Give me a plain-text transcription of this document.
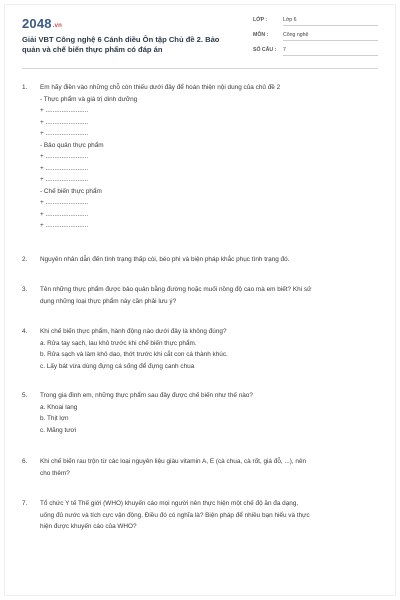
2048.vn
Giải VBT Công nghệ 6 Cánh diều Ôn tập Chủ đề 2. Bảo quản và chế biến thực phẩm có đáp án
LỚP :	Lớp 6
MÔN :	Công nghệ
SỐ CÂU : 7
1. Em hãy điền vào những chỗ còn thiếu dưới đây để hoàn thiện nội dung của chủ đề 2
- Thực phẩm và giá trị dinh dưỡng
+ ........................
+ ........................
+ ........................
- Bảo quản thực phẩm
+ ........................
+ ........................
+ ........................
- Chế biến thực phẩm
+ ........................
+ ........................
+ ........................
2. Nguyên nhân dẫn đến tình trạng thấp còi, béo phì và biện pháp khắc phục tình trạng đó.
3. Tên những thực phẩm được bảo quản bằng đường hoặc muối nồng độ cao mà em biết? Khi sử
dụng những loại thực phẩm này cần phải lưu ý?
4. Khi chế biến thực phẩm, hành động nào dưới đây là không đúng?
a. Rửa tay sạch, lau khô trước khi chế biến thực phẩm.
b. Rửa sạch và làm khô dao, thớt trước khi cắt con cá thành khúc.
c. Lấy bát vừa dùng đựng cá sống để đựng canh chua
5. Trong gia đình em, những thực phẩm sau đây được chế biến như thế nào?
a. Khoai lang
b. Thịt lợn
c. Măng tươi
6. Khi chế biến rau trộn từ các loại nguyên liệu giàu vitamin A, E (cà chua, cà rốt, giá đỗ, ...), nên
cho thêm?
7. Tổ chức Y tế Thế giới (WHO) khuyến cáo mọi người nên thực hiện một chế độ ăn đa dạng,
uống đủ nước và tích cực vận động. Điều đó có nghĩa là? Biện pháp để nhiều bạn hiểu và thực
hiện được khuyến cáo của WHO?
